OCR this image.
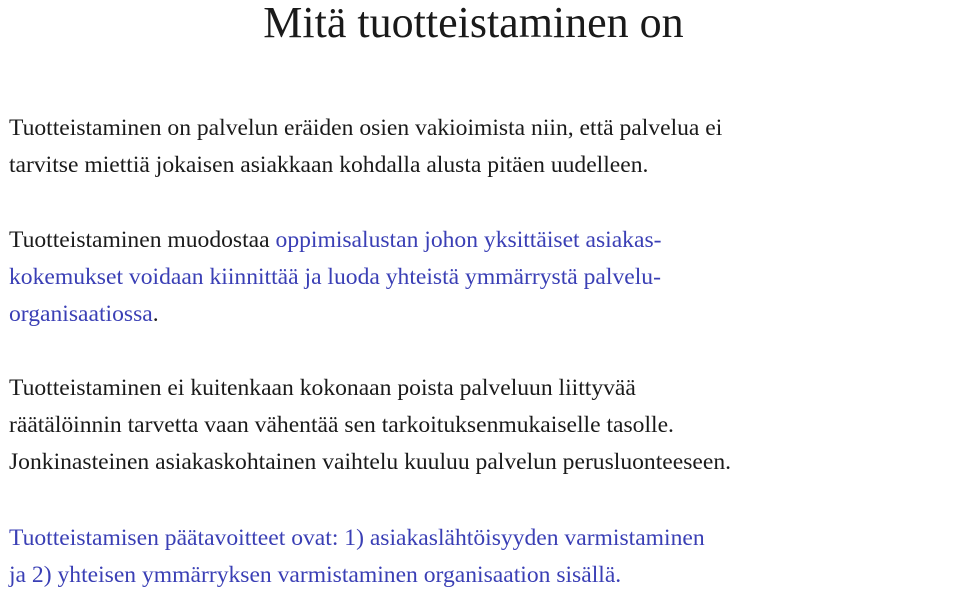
Mitä tuotteistaminen on

Tuotteistaminen on palvelun eräiden osien vakioimista niin, että palvelua ei
tarvitse miettiä jokaisen asiakkaan kohdalla alusta pitäen uudelleen.

Tuotteistaminen muodostaa oppimisalustan johon yksittäiset asiakas-
kokemukset voidaan kiinnittää ja luoda yhteistä ymmärrystä palvelu-
organisaatiossa.

Tuotteistaminen ei kuitenkaan kokonaan poista palveluun liittyvää
räätälöinnin tarvetta vaan vähentää sen tarkoituksenmukaiselle tasolle.
Jonkinasteinen asiakaskohtainen vaihtelu kuuluu palvelun perusluonteeseen.

Tuotteistamisen päätavoitteet ovat: 1) asiakaslähtöisyyden varmistaminen
ja 2) yhteisen ymmärryksen varmistaminen organisaation sisällä.
